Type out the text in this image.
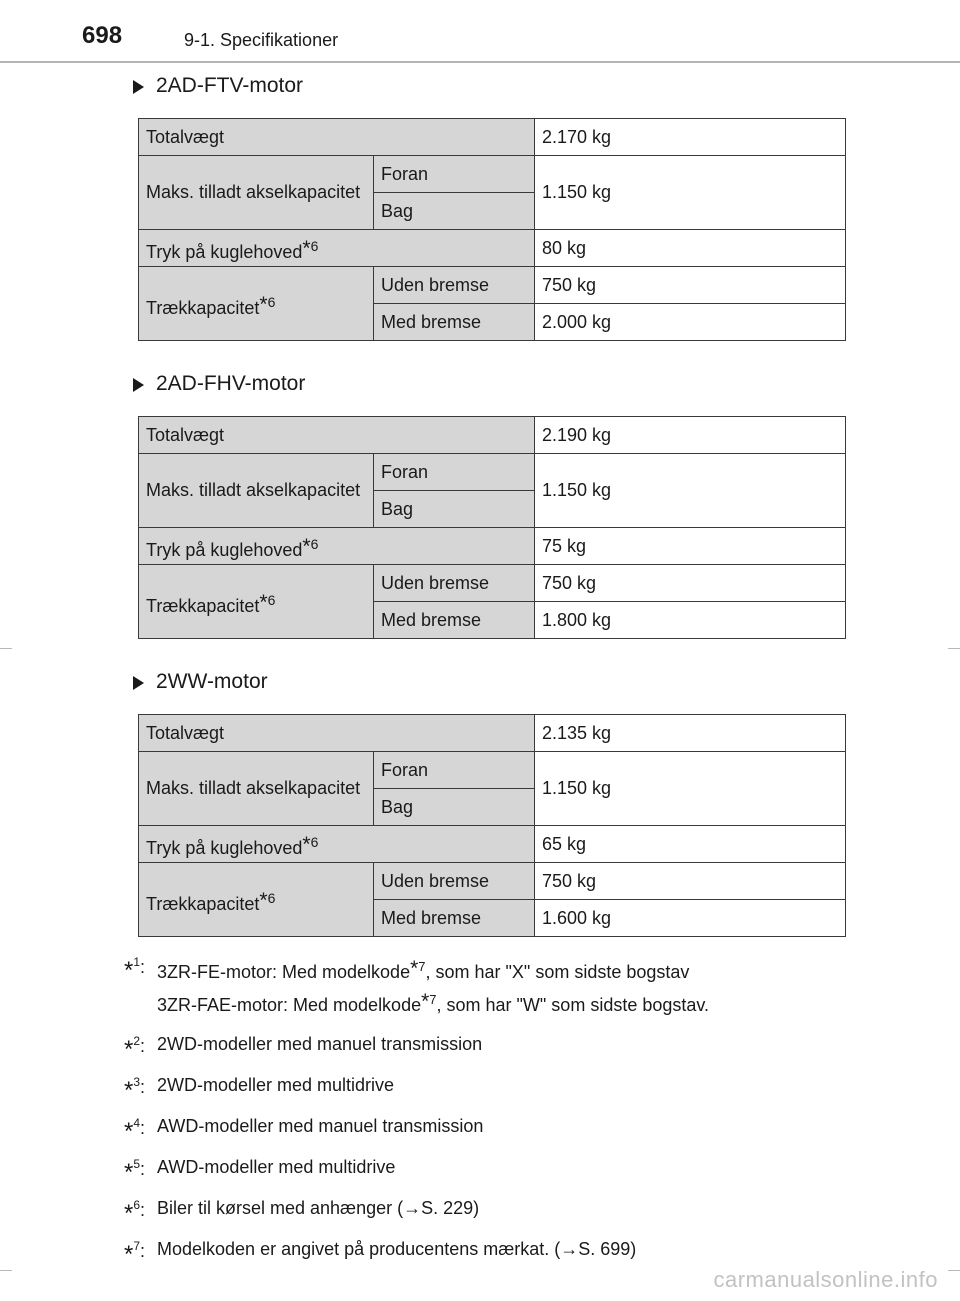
698	9-1. Specifikationer
2AD-FTV-motor
Totalvægt		2.170 kg
Maks. tilladt akselkapacitet	Foran	1.150 kg
	Bag	
Tryk på kuglehoved$^{*6}$		80 kg
Trækkapacitet$^{*6}$	Uden bremse	750 kg
	Med bremse	2.000 kg
2AD-FHV-motor
Totalvægt		2.190 kg
Maks. tilladt akselkapacitet	Foran	1.150 kg
	Bag	
Tryk på kuglehoved$^{*6}$		75 kg
Trækkapacitet$^{*6}$	Uden bremse	750 kg
	Med bremse	1.800 kg
2WW-motor
Totalvægt		2.135 kg
Maks. tilladt akselkapacitet	Foran	1.150 kg
	Bag	
Tryk på kuglehoved$^{*6}$		65 kg
Trækkapacitet$^{*6}$	Uden bremse	750 kg
	Med bremse	1.600 kg
*$^1$: 3ZR-FE-motor: Med modelkode$^{*7}$, som har "X" som sidste bogstav
3ZR-FAE-motor: Med modelkode$^{*7}$, som har "W" som sidste bogstav.
*$^2$: 2WD-modeller med manuel transmission
*$^3$: 2WD-modeller med multidrive
*$^4$: AWD-modeller med manuel transmission
*$^5$: AWD-modeller med multidrive
*$^6$: Biler til kørsel med anhænger (→S. 229)
*$^7$: Modelkoden er angivet på producentens mærkat. (→S. 699)
carmanualsonline.info
